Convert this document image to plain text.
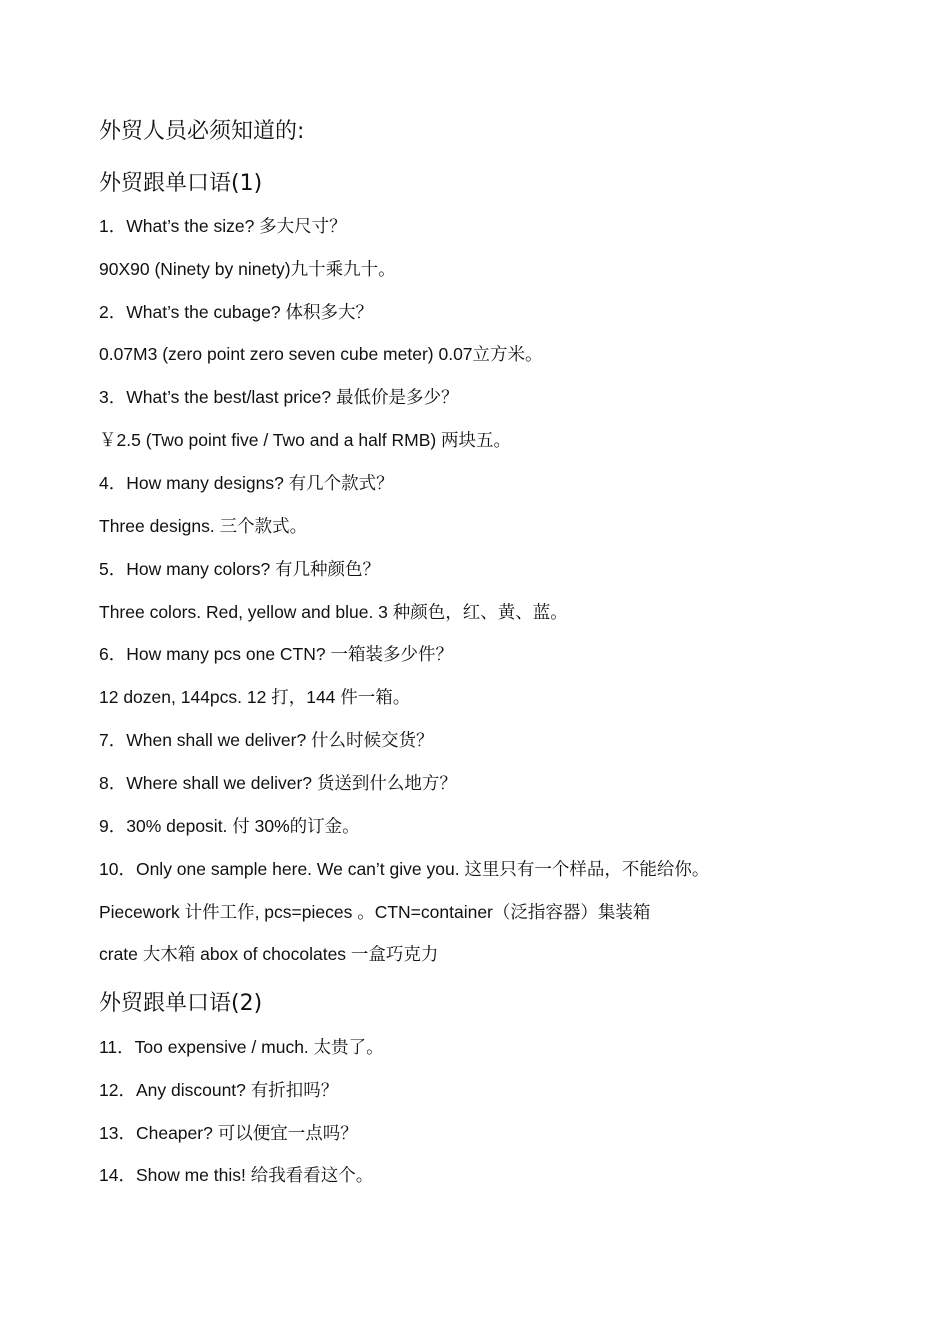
外贸人员必须知道的:
外贸跟单口语(1)
1．What’s the size? 多大尺寸？
90X90 (Ninety by ninety)九十乘九十。
2．What’s the cubage? 体积多大？
0.07M3 (zero point zero seven cube meter) 0.07立方米。
3．What’s the best/last price? 最低价是多少？
￥2.5 (Two point five / Two and a half RMB) 两块五。
4．How many designs? 有几个款式？
Three designs. 三个款式。
5．How many colors? 有几种颜色？
Three colors. Red, yellow and blue. 3 种颜色，红、黄、蓝。
6．How many pcs one CTN? 一箱装多少件？
12 dozen, 144pcs. 12 打，144 件一箱。
7．When shall we deliver? 什么时候交货？
8．Where shall we deliver? 货送到什么地方？
9．30% deposit. 付 30%的订金。
10．Only one sample here. We can’t give you. 这里只有一个样品，不能给你。
Piecework 计件工作, pcs=pieces 。CTN=container（泛指容器）集装箱
crate 大木箱 abox of chocolates 一盒巧克力
外贸跟单口语(2)
11．Too expensive / much. 太贵了。
12．Any discount? 有折扣吗？
13．Cheaper? 可以便宜一点吗？
14．Show me this! 给我看看这个。
